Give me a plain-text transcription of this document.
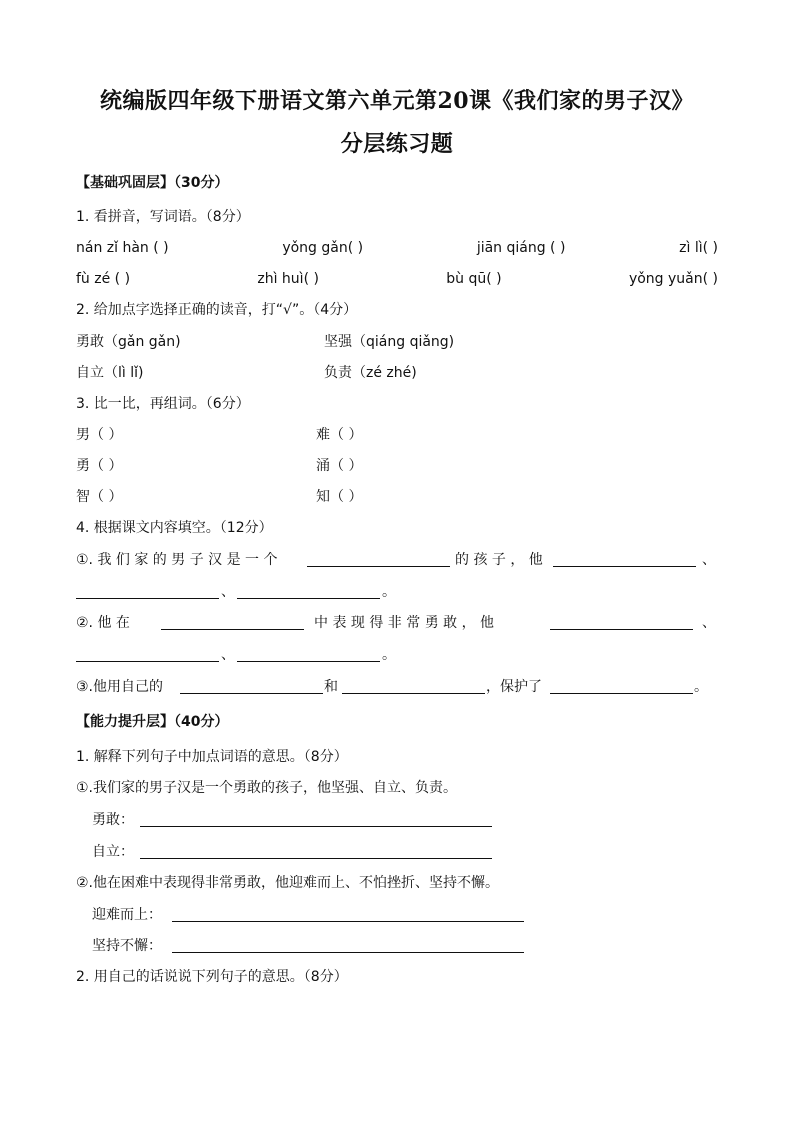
统编版四年级下册语文第六单元第20课《我们家的男子汉》
分层练习题
【基础巩固层】（30分）
1. 看拼音，写词语。（8分）
nán zǐ hàn ( )	yǒng gǎn( )	jiān qiáng ( )	zì lì( )
fù zé ( )	zhì huì( )	bù qū( )	yǒng yuǎn( )
2. 给加点字选择正确的读音，打“√”。（4分）
勇敢（gǎn gǎn)	坚强（qiáng qiǎng)
自立（lì lǐ)	负责（zé zhé)
3. 比一比，再组词。（6分）
男（ ）	难（ ）
勇（ ）	涌（ ）
智（ ）	知（ ）
4. 根据课文内容填空。（12分）
①. 我 们 家 的 男 子 汉 是 一 个	的 孩 子 ， 他	、
、	。
②. 他 在	中 表 现 得 非 常 勇 敢 ， 他	、
、	。
③.他用自己的	和	，保护了	。
【能力提升层】（40分）
1. 解释下列句子中加点词语的意思。（8分）
①.我们家的男子汉是一个勇敢的孩子，他坚强、自立、负责。
勇敢：
自立：
②.他在困难中表现得非常勇敢，他迎难而上、不怕挫折、坚持不懈。
迎难而上：
坚持不懈：
2. 用自己的话说说下列句子的意思。（8分）
